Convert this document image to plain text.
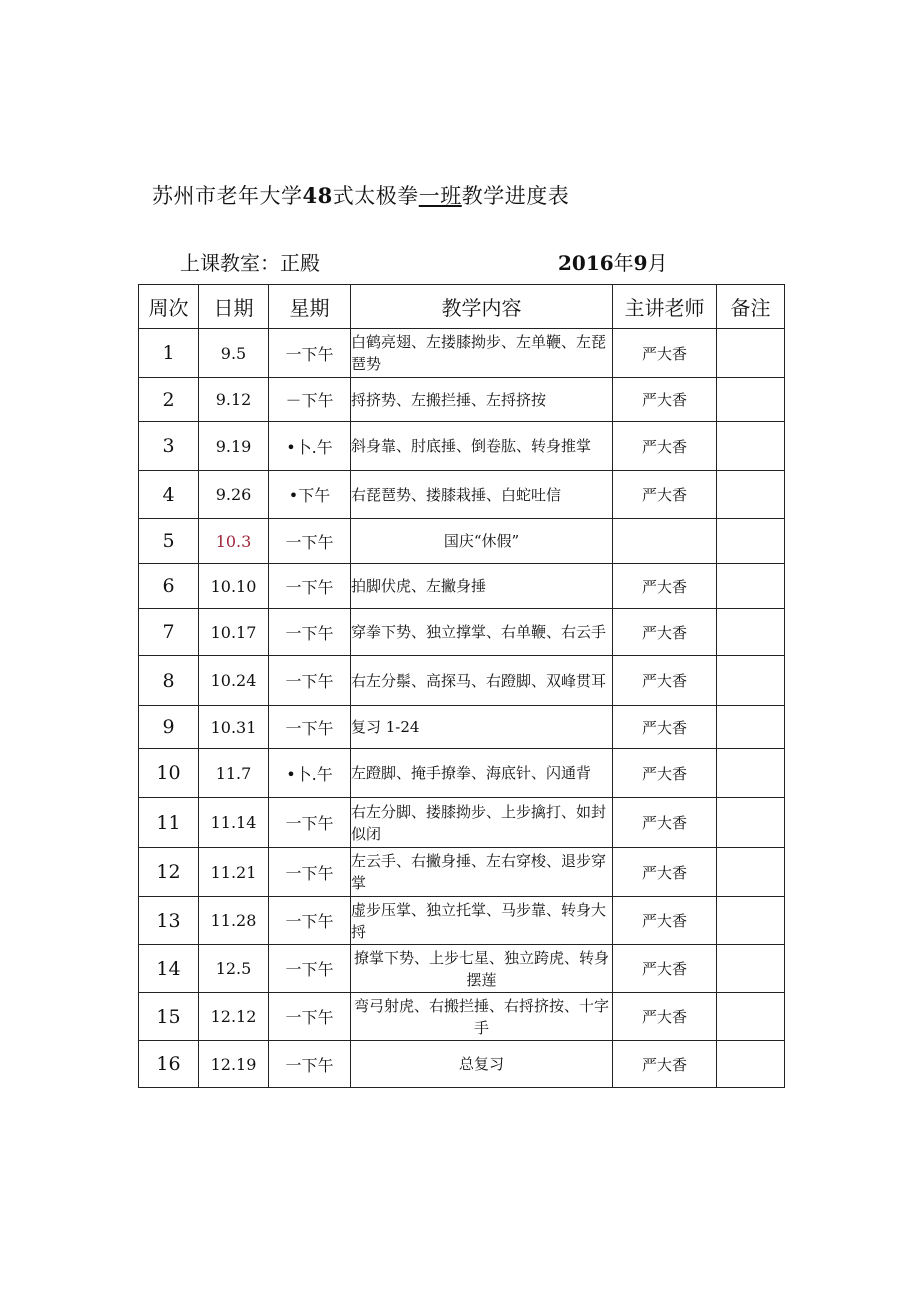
苏州市老年大学48式太极拳一班教学进度表
上课教室：正殿	2016年9月
周次	日期	星期	教学内容	主讲老师	备注
1	9.5	一下午	白鹤亮翅、左搂膝拗步、左单鞭、左琵琶势	严大香	
2	9.12	－下午	捋挤势、左搬拦捶、左捋挤按	严大香	
3	9.19	•卜.午	斜身靠、肘底捶、倒卷肱、转身推掌	严大香	
4	9.26	•下午	右琵琶势、搂膝栽捶、白蛇吐信	严大香	
5	10.3	一下午	国庆“休假”		
6	10.10	一下午	拍脚伏虎、左撇身捶	严大香	
7	10.17	一下午	穿拳下势、独立撑掌、右单鞭、右云手	严大香	
8	10.24	一下午	右左分鬃、高探马、右蹬脚、双峰贯耳	严大香	
9	10.31	一下午	复习 1-24	严大香	
10	11.7	•卜.午	左蹬脚、掩手撩拳、海底针、闪通背	严大香	
11	11.14	一下午	右左分脚、搂膝拗步、上步擒打、如封似闭	严大香	
12	11.21	一下午	左云手、右撇身捶、左右穿梭、退步穿掌	严大香	
13	11.28	一下午	虚步压掌、独立托掌、马步靠、转身大捋	严大香	
14	12.5	一下午	撩掌下势、上步七星、独立跨虎、转身摆莲	严大香	
15	12.12	一下午	弯弓射虎、右搬拦捶、右捋挤按、十字手	严大香	
16	12.19	一下午	总复习	严大香	
